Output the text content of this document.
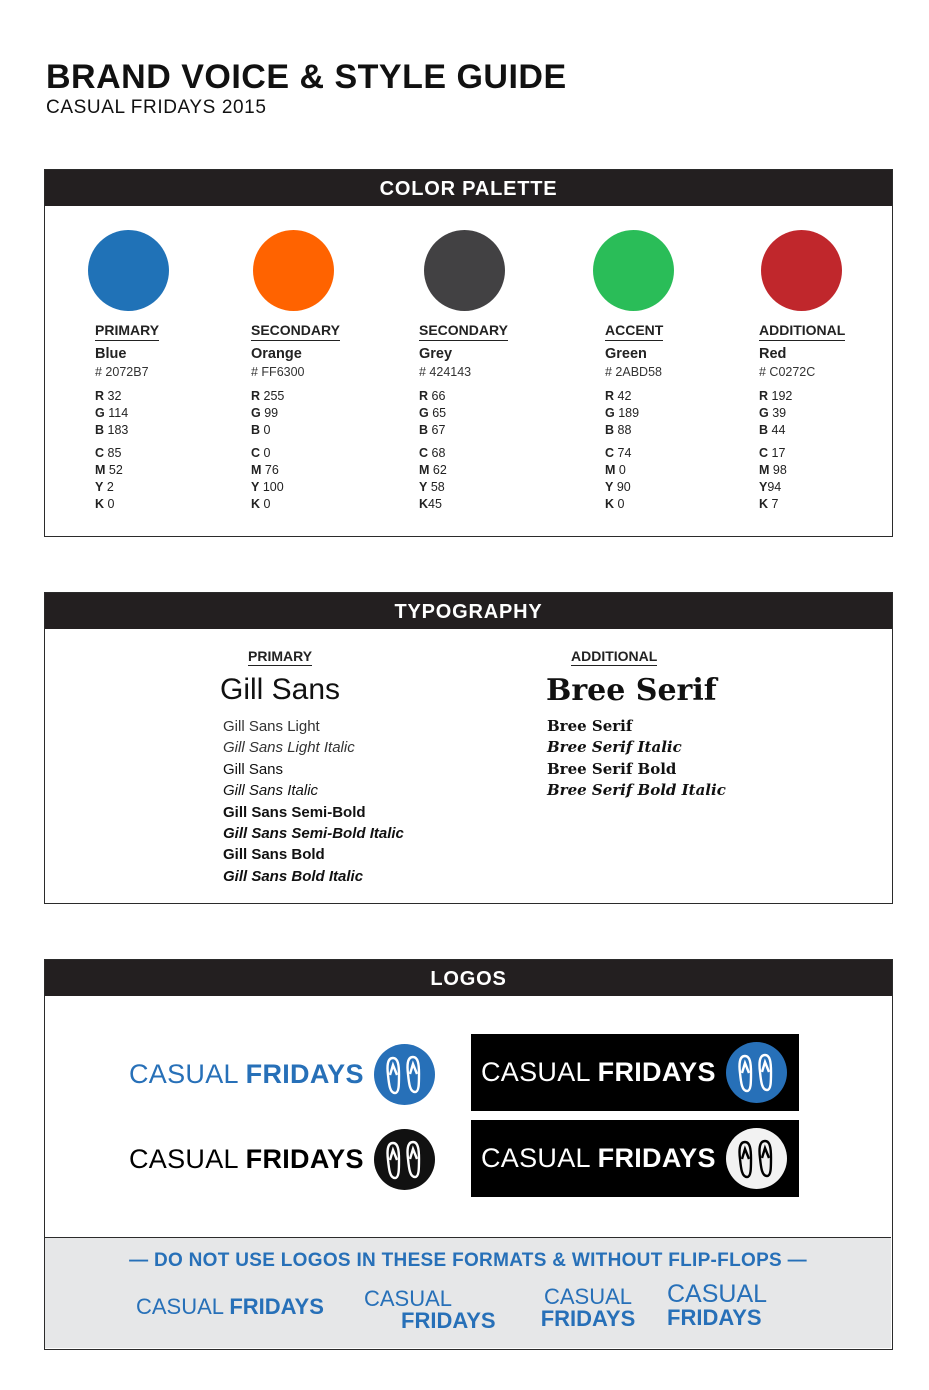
BRAND VOICE & STYLE GUIDE
CASUAL FRIDAYS 2015
COLOR PALETTE
PRIMARY
Blue
# 2072B7
R 32
G 114
B 183
C 85
M 52
Y 2
K 0
SECONDARY
Orange
# FF6300
R 255
G 99
B 0
C 0
M 76
Y 100
K 0
SECONDARY
Grey
# 424143
R 66
G 65
B 67
C 68
M 62
Y 58
K45
ACCENT
Green
# 2ABD58
R 42
G 189
B 88
C 74
M 0
Y 90
K 0
ADDITIONAL
Red
# C0272C
R 192
G 39
B 44
C 17
M 98
Y94
K 7
TYPOGRAPHY
PRIMARY
Gill Sans
Gill Sans Light
Gill Sans Light Italic
Gill Sans
Gill Sans Italic
Gill Sans Semi-Bold
Gill Sans Semi-Bold Italic
Gill Sans Bold
Gill Sans Bold Italic
ADDITIONAL
Bree Serif
Bree Serif
Bree Serif Italic
Bree Serif Bold
Bree Serif Bold Italic
LOGOS
CASUAL FRIDAYS
CASUAL FRIDAYS
CASUAL FRIDAYS
CASUAL FRIDAYS
— DO NOT USE LOGOS IN THESE FORMATS & WITHOUT FLIP-FLOPS —
CASUAL FRIDAYS CASUAL
FRIDAYS
CASUAL
FRIDAYS
CASUAL
FRIDAYS
